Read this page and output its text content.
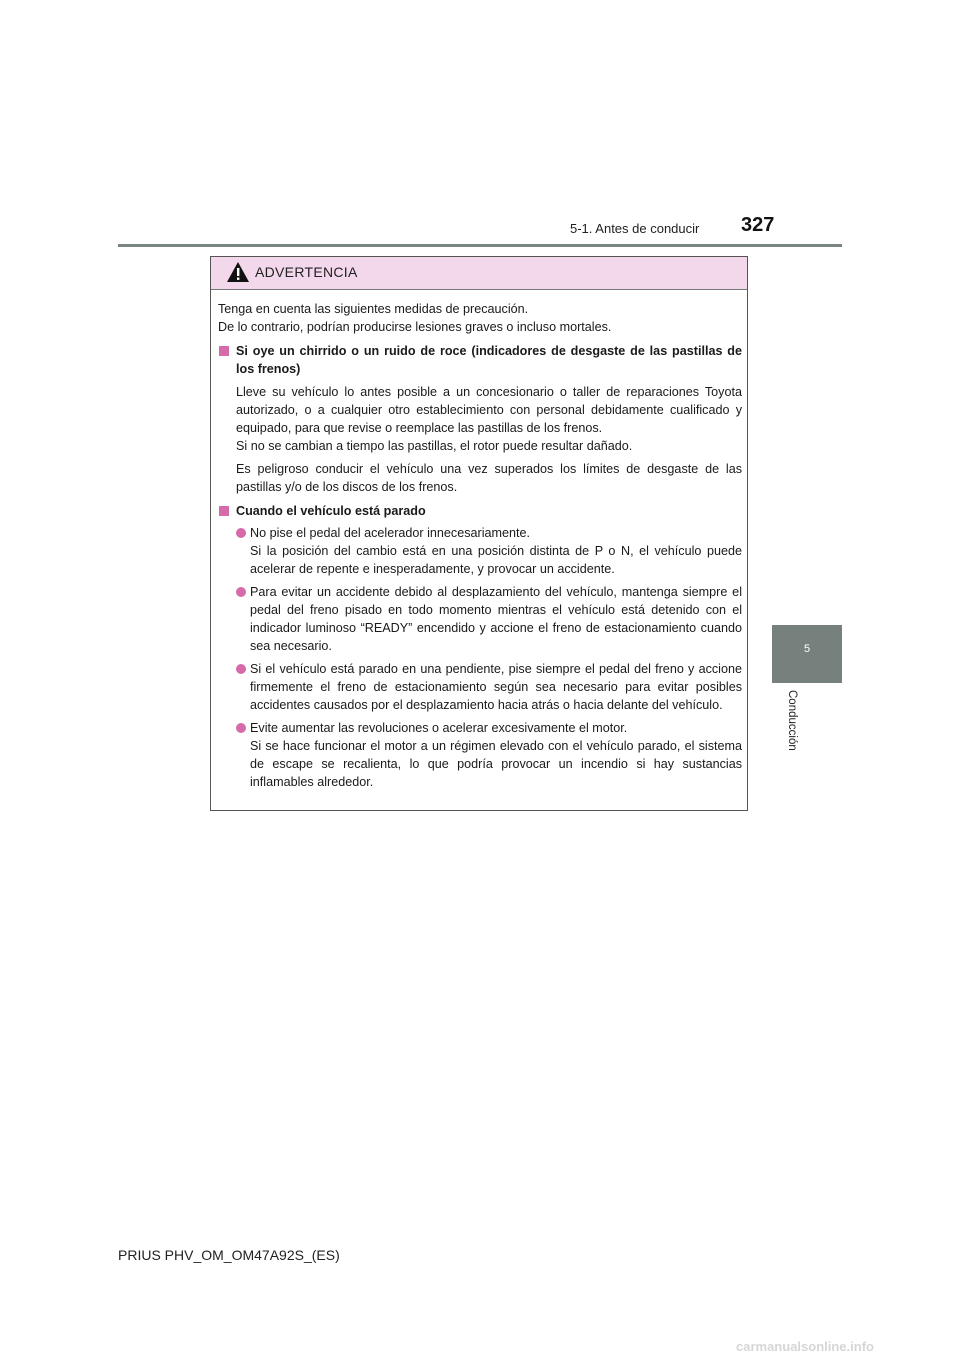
5-1. Antes de conducir 327
5
Conducción
ADVERTENCIA

Tenga en cuenta las siguientes medidas de precaución.

De lo contrario, podrían producirse lesiones graves o incluso mortales.

Si oye un chirrido o un ruido de roce (indicadores de desgaste de las pastillas de los frenos)

Lleve su vehículo lo antes posible a un concesionario o taller de reparaciones Toyota autorizado, o a cualquier otro establecimiento con personal debidamente cualificado y equipado, para que revise o reemplace las pastillas de los frenos.
Si no se cambian a tiempo las pastillas, el rotor puede resultar dañado.

Es peligroso conducir el vehículo una vez superados los límites de desgaste de las pastillas y/o de los discos de los frenos.

Cuando el vehículo está parado

No pise el pedal del acelerador innecesariamente.
Si la posición del cambio está en una posición distinta de P o N, el vehículo puede acelerar de repente e inesperadamente, y provocar un accidente.
Para evitar un accidente debido al desplazamiento del vehículo, mantenga siempre el pedal del freno pisado en todo momento mientras el vehículo está detenido con el indicador luminoso “READY” encendido y accione el freno de estacionamiento cuando sea necesario.
Si el vehículo está parado en una pendiente, pise siempre el pedal del freno y accione firmemente el freno de estacionamiento según sea necesario para evitar posibles accidentes causados por el desplazamiento hacia atrás o hacia delante del vehículo.
Evite aumentar las revoluciones o acelerar excesivamente el motor.
Si se hace funcionar el motor a un régimen elevado con el vehículo parado, el sistema de escape se recalienta, lo que podría provocar un incendio si hay sustancias inflamables alrededor.
PRIUS PHV_OM_OM47A92S_(ES)
carmanualsonline.info
